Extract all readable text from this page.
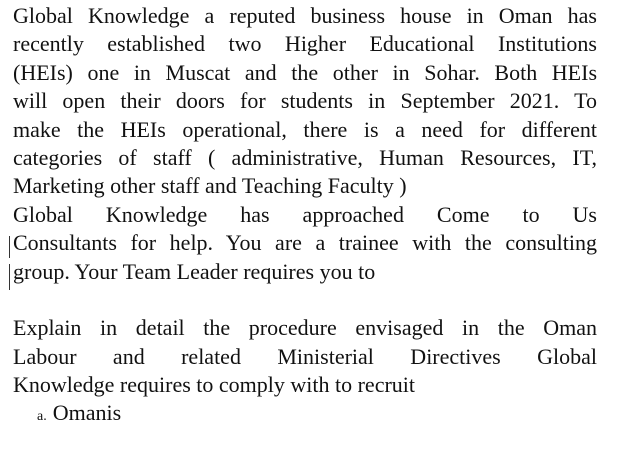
Global Knowledge a reputed business house in Oman has
recently established two Higher Educational Institutions
(HEIs) one in Muscat and the other in Sohar. Both HEIs
will open their doors for students in September 2021. To
make the HEIs operational, there is a need for different
categories of staff ( administrative, Human Resources, IT,
Marketing other staff and Teaching Faculty )
Global Knowledge has approached Come to Us
Consultants for help. You are a trainee with the consulting
group. Your Team Leader requires you to
Explain in detail the procedure envisaged in the Oman
Labour and related Ministerial Directives Global
Knowledge requires to comply with to recruit
a. Omanis
